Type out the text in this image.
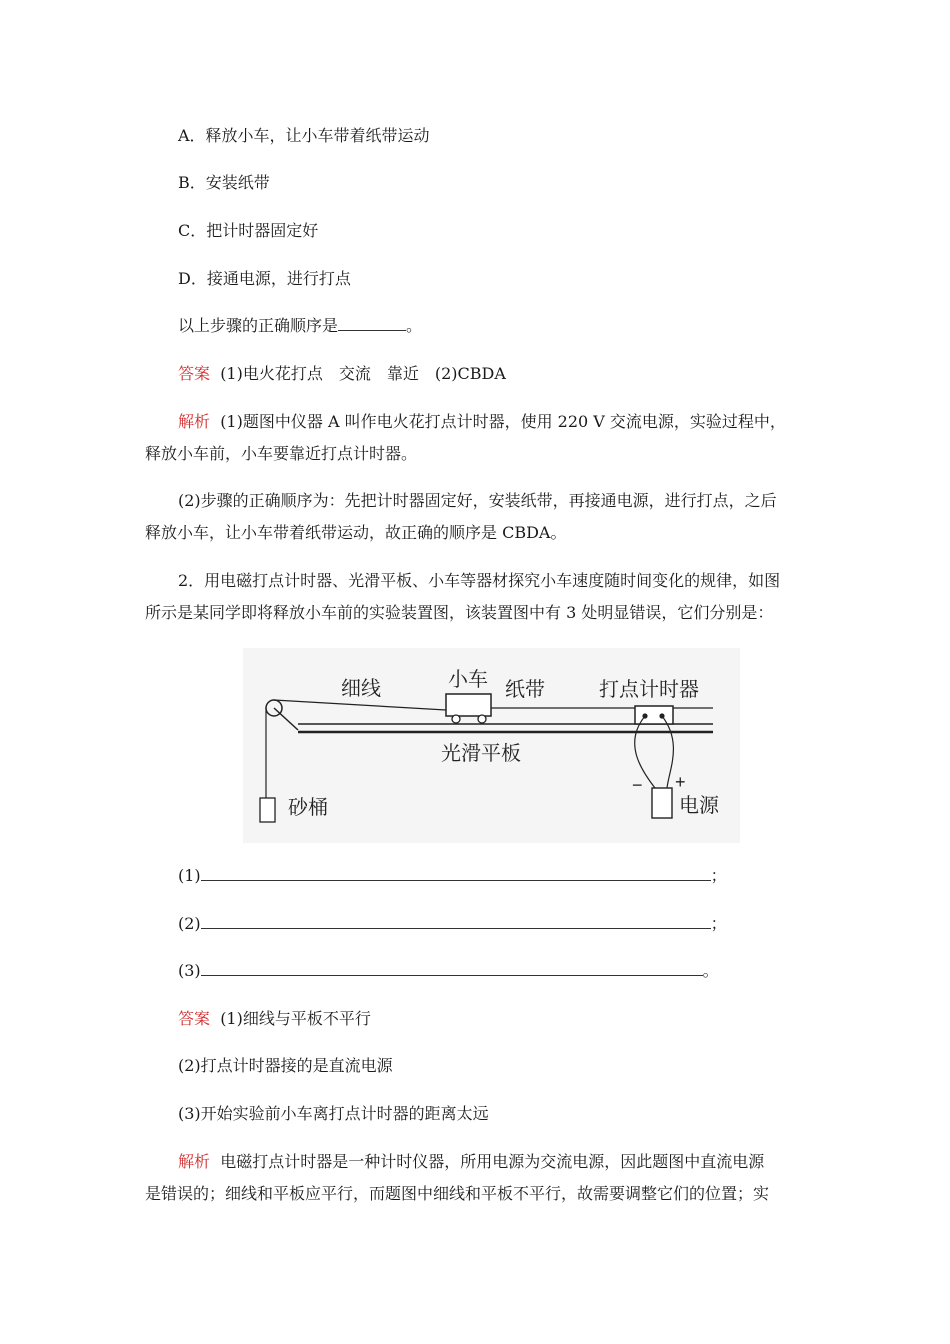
A．释放小车，让小车带着纸带运动
B．安装纸带
C．把计时器固定好
D．接通电源，进行打点
以上步骤的正确顺序是	。
答案 (1)电火花打点　交流　靠近　(2)CBDA
解析 (1)题图中仪器 A 叫作电火花打点计时器，使用 220 V 交流电源，实验过程中，
释放小车前，小车要靠近打点计时器。
(2)步骤的正确顺序为：先把计时器固定好，安装纸带，再接通电源，进行打点，之后
释放小车，让小车带着纸带运动，故正确的顺序是 CBDA。
2．用电磁打点计时器、光滑平板、小车等器材探究小车速度随时间变化的规律，如图
所示是某同学即将释放小车前的实验装置图，该装置图中有 3 处明显错误，它们分别是：
细线	小车 纸带	打点计时器
光滑平板
砂桶	电源
− +
(1)	；
(2)	；
(3)	。
答案 (1)细线与平板不平行
(2)打点计时器接的是直流电源
(3)开始实验前小车离打点计时器的距离太远
解析 电磁打点计时器是一种计时仪器，所用电源为交流电源，因此题图中直流电源
是错误的；细线和平板应平行，而题图中细线和平板不平行，故需要调整它们的位置；实
